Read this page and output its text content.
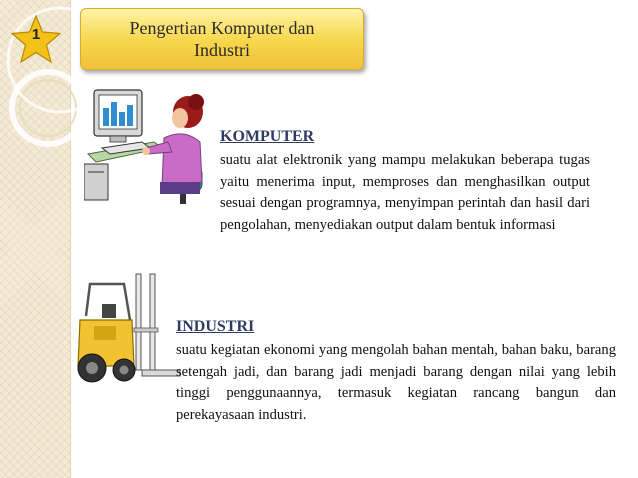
1	Pengertian Komputer dan Industri
KOMPUTER
suatu alat elektronik yang mampu melakukan beberapa tugas yaitu menerima input, memproses dan menghasilkan output sesuai dengan programnya, menyimpan perintah dan hasil dari pengolahan, menyediakan output dalam bentuk informasi
INDUSTRI
suatu kegiatan ekonomi yang mengolah bahan mentah, bahan baku, barang setengah jadi, dan barang jadi menjadi barang dengan nilai yang lebih tinggi penggunaannya, termasuk kegiatan rancang bangun dan perekayasaan industri.
